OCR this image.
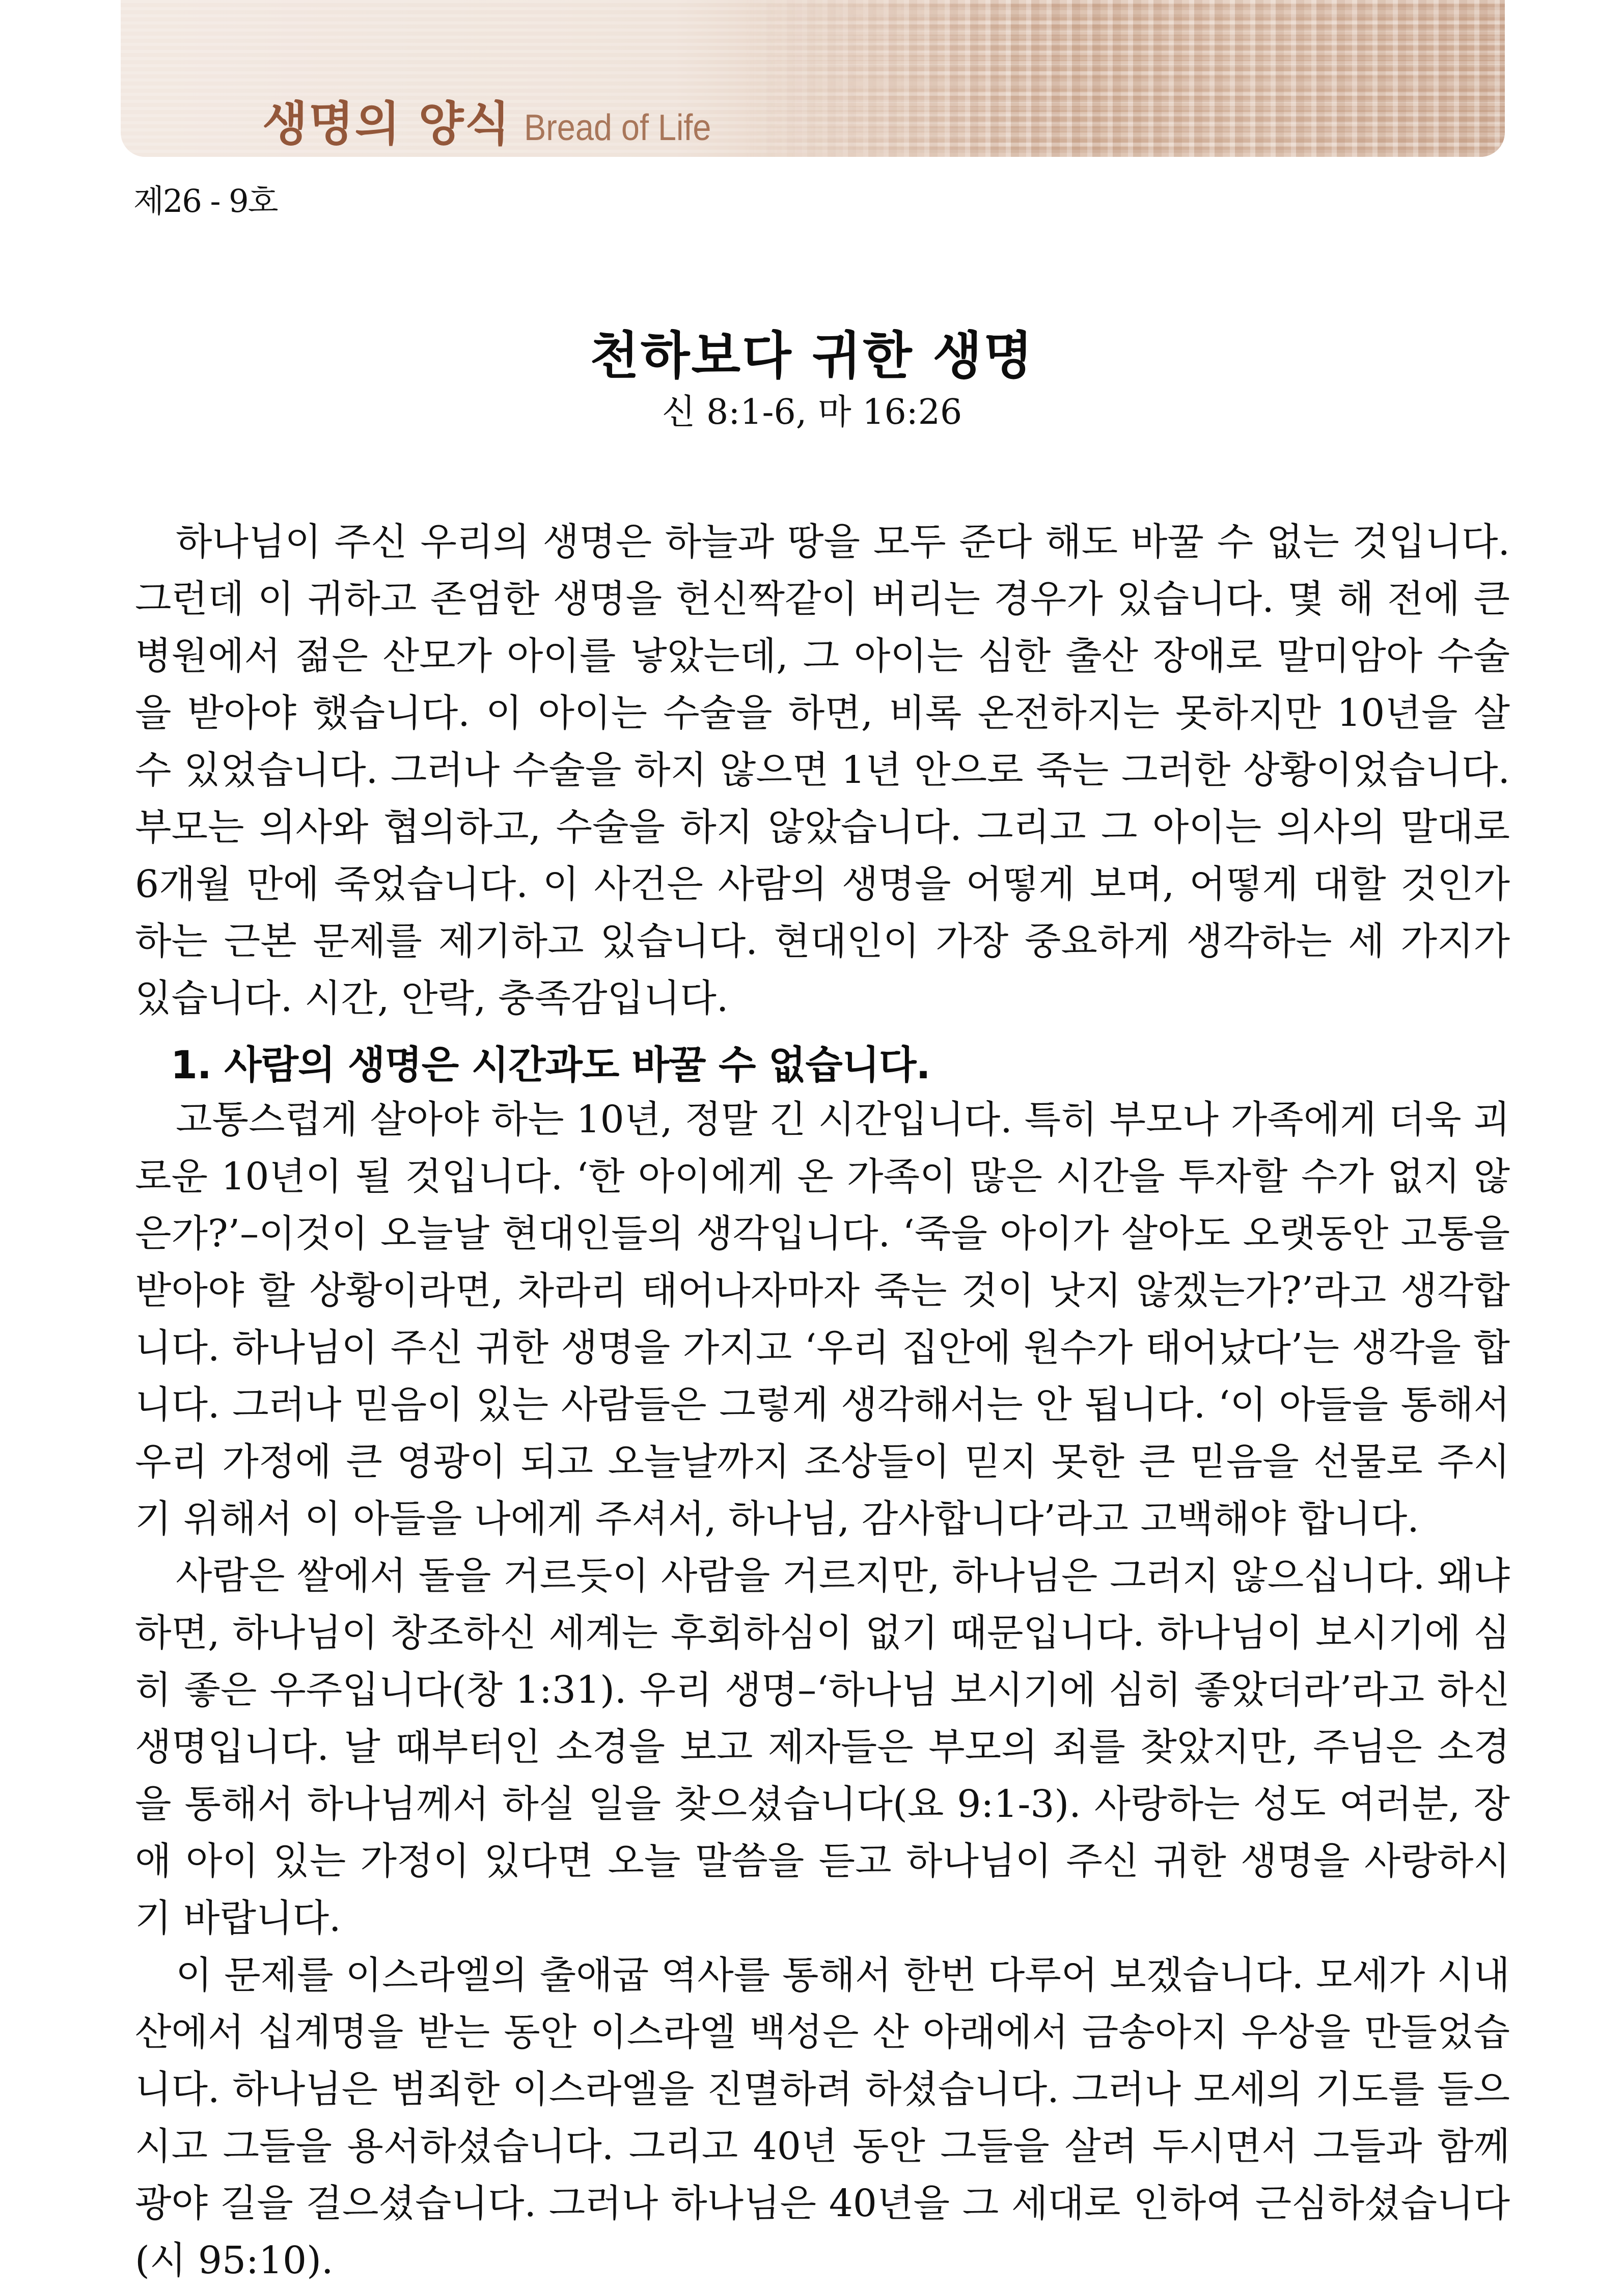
생명의 양식 Bread of Life
제26 - 9호
천하보다 귀한 생명
신 8:1-6, 마 16:26

하나님이 주신 우리의 생명은 하늘과 땅을 모두 준다 해도 바꿀 수 없는 것입니다. 그런데 이 귀하고 존엄한 생명을 헌신짝같이 버리는 경우가 있습니다. 몇 해 전에 큰 병원에서 젊은 산모가 아이를 낳았는데, 그 아이는 심한 출산 장애로 말미암아 수술을 받아야 했습니다. 이 아이는 수술을 하면, 비록 온전하지는 못하지만 10년을 살 수 있었습니다. 그러나 수술을 하지 않으면 1년 안으로 죽는 그러한 상황이었습니다. 부모는 의사와 협의하고, 수술을 하지 않았습니다. 그리고 그 아이는 의사의 말대로 6개월 만에 죽었습니다. 이 사건은 사람의 생명을 어떻게 보며, 어떻게 대할 것인가 하는 근본 문제를 제기하고 있습니다. 현대인이 가장 중요하게 생각하는 세 가지가 있습니다. 시간, 안락, 충족감입니다.

1. 사람의 생명은 시간과도 바꿀 수 없습니다.

고통스럽게 살아야 하는 10년, 정말 긴 시간입니다. 특히 부모나 가족에게 더욱 괴로운 10년이 될 것입니다. ‘한 아이에게 온 가족이 많은 시간을 투자할 수가 없지 않은가?’–이것이 오늘날 현대인들의 생각입니다. ‘죽을 아이가 살아도 오랫동안 고통을 받아야 할 상황이라면, 차라리 태어나자마자 죽는 것이 낫지 않겠는가?’라고 생각합니다. 하나님이 주신 귀한 생명을 가지고 ‘우리 집안에 원수가 태어났다’는 생각을 합니다. 그러나 믿음이 있는 사람들은 그렇게 생각해서는 안 됩니다. ‘이 아들을 통해서 우리 가정에 큰 영광이 되고 오늘날까지 조상들이 믿지 못한 큰 믿음을 선물로 주시기 위해서 이 아들을 나에게 주셔서, 하나님, 감사합니다’라고 고백해야 합니다.

사람은 쌀에서 돌을 거르듯이 사람을 거르지만, 하나님은 그러지 않으십니다. 왜냐하면, 하나님이 창조하신 세계는 후회하심이 없기 때문입니다. 하나님이 보시기에 심히 좋은 우주입니다(창 1:31). 우리 생명–‘하나님 보시기에 심히 좋았더라’라고 하신 생명입니다. 날 때부터인 소경을 보고 제자들은 부모의 죄를 찾았지만, 주님은 소경을 통해서 하나님께서 하실 일을 찾으셨습니다(요 9:1-3). 사랑하는 성도 여러분, 장애 아이 있는 가정이 있다면 오늘 말씀을 듣고 하나님이 주신 귀한 생명을 사랑하시기 바랍니다.

이 문제를 이스라엘의 출애굽 역사를 통해서 한번 다루어 보겠습니다. 모세가 시내산에서 십계명을 받는 동안 이스라엘 백성은 산 아래에서 금송아지 우상을 만들었습니다. 하나님은 범죄한 이스라엘을 진멸하려 하셨습니다. 그러나 모세의 기도를 들으시고 그들을 용서하셨습니다. 그리고 40년 동안 그들을 살려 두시면서 그들과 함께 광야 길을 걸으셨습니다. 그러나 하나님은 40년을 그 세대로 인하여 근심하셨습니다(시 95:10).
